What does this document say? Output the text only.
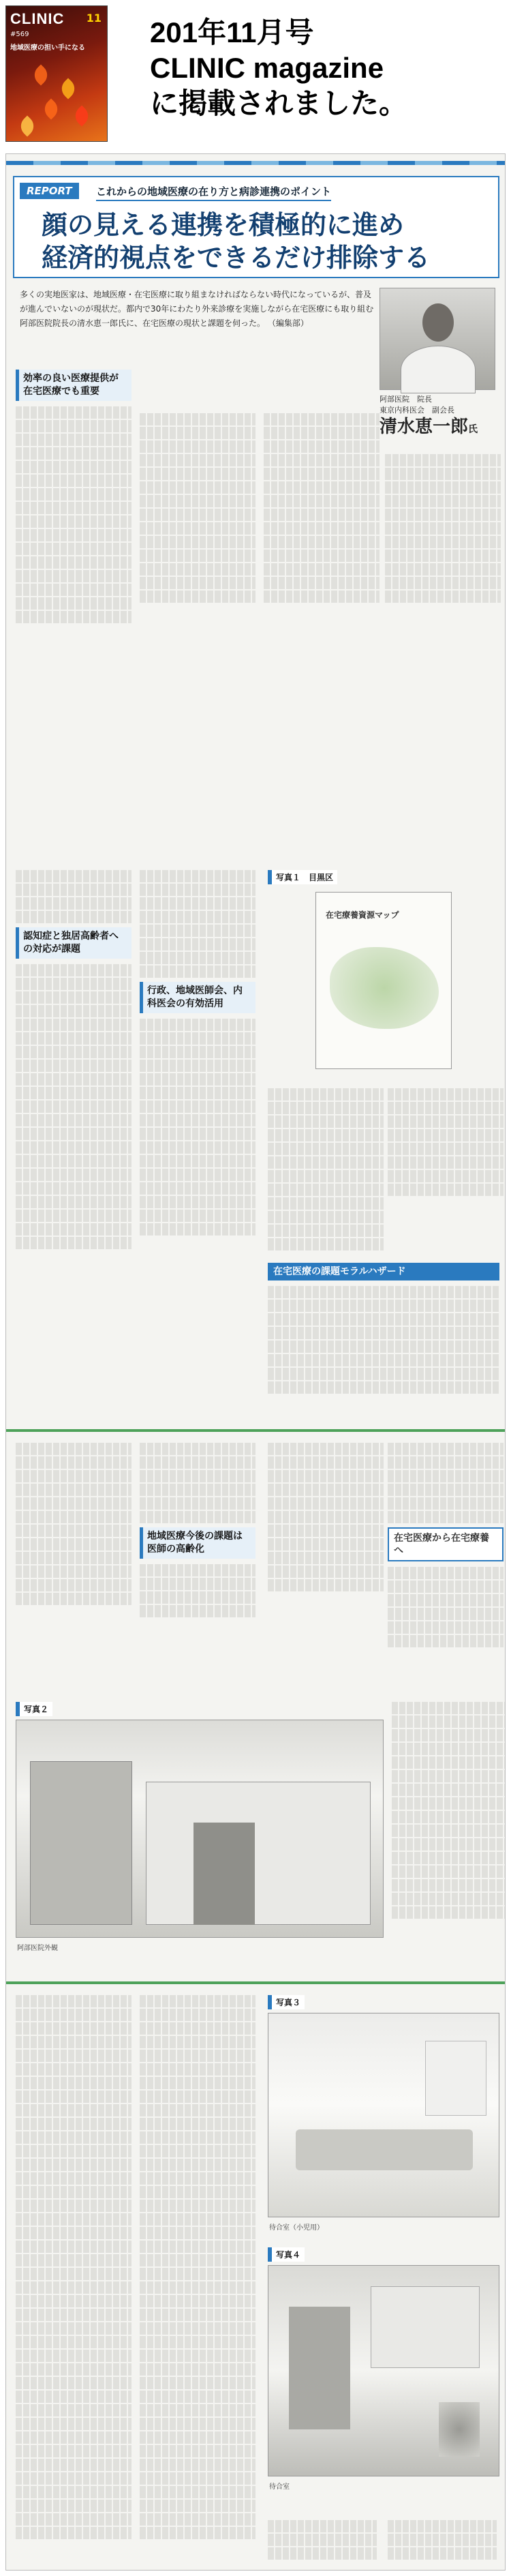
CLINIC 11
#569
地域医療の担い手になる 201年11月号
CLINIC magazine
に掲載されました。
REPORT	これからの地域医療の在り方と病診連携のポイント
顔の見える連携を積極的に進め
経済的視点をできるだけ排除する
多くの実地医家は、地域医療・在宅医療に取り組まなければならない時代になっているが、普及が進んでいないのが現状だ。都内で30年にわたり外来診療を実施しながら在宅医療にも取り組む阿部医院院長の清水恵一郎氏に、在宅医療の現状と課題を伺った。 （編集部）
阿部医院　院長
東京内科医会　副会長
清水恵一郎氏
効率の良い医療提供が在宅医療でも重要
認知症と独居高齢者への対応が課題
行政、地域医師会、内科医会の有効活用
写真１　 目黒区
在宅療養資源マップ
在宅医療の課題モラルハザード
地域医療今後の課題は医師の高齢化
在宅医療から在宅療養へ
写真２
阿部医院外観
写真３
待合室（小児用）
写真４
待合室
